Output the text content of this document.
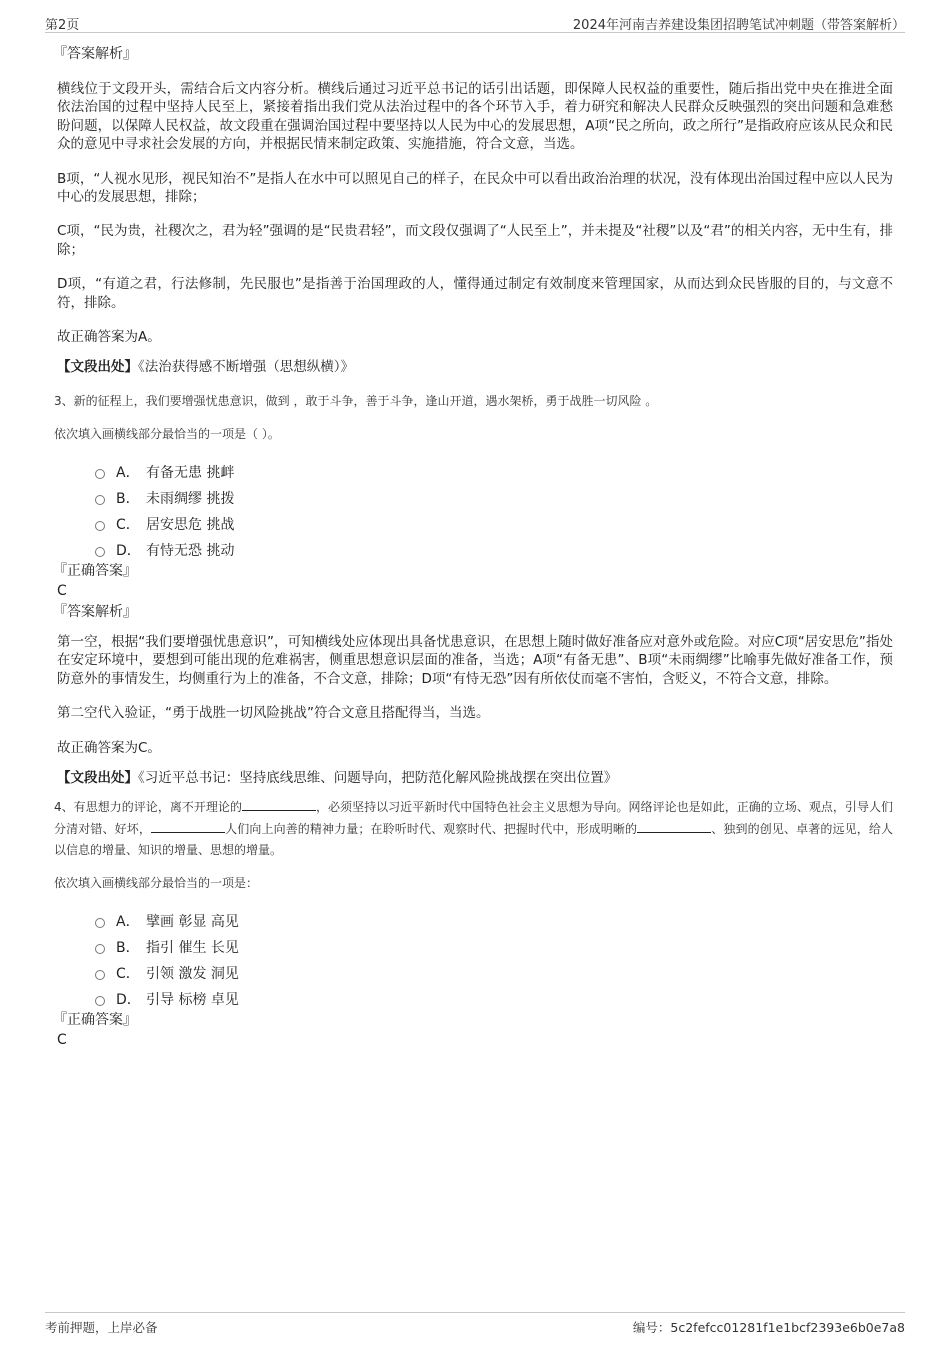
第2页	2024年河南吉养建设集团招聘笔试冲刺题（带答案解析）

『答案解析』

横线位于文段开头，需结合后文内容分析。横线后通过习近平总书记的话引出话题，即保障人民权益的重要性，随后指出党中央在推进全面依法治国的过程中坚持人民至上，紧接着指出我们党从法治过程中的各个环节入手，着力研究和解决人民群众反映强烈的突出问题和急难愁盼问题，以保障人民权益，故文段重在强调治国过程中要坚持以人民为中心的发展思想，A项“民之所向，政之所行”是指政府应该从民众和民众的意见中寻求社会发展的方向，并根据民情来制定政策、实施措施，符合文意，当选。

B项，“人视水见形，视民知治不”是指人在水中可以照见自己的样子，在民众中可以看出政治治理的状况，没有体现出治国过程中应以人民为中心的发展思想，排除；

C项，“民为贵，社稷次之，君为轻”强调的是“民贵君轻”，而文段仅强调了“人民至上”，并未提及“社稷”以及“君”的相关内容，无中生有，排除；

D项，“有道之君，行法修制，先民服也”是指善于治国理政的人，懂得通过制定有效制度来管理国家，从而达到众民皆服的目的，与文意不符，排除。

故正确答案为A。

【文段出处】《法治获得感不断增强（思想纵横）》

3、新的征程上，我们要增强忧患意识，做到 ，敢于斗争，善于斗争，逢山开道，遇水架桥，勇于战胜一切风险 。

依次填入画横线部分最恰当的一项是（ ）。

A． 有备无患 挑衅
B． 未雨绸缪 挑拨
C． 居安思危 挑战
D． 有恃无恐 挑动

『正确答案』

C

『答案解析』

第一空，根据“我们要增强忧患意识”，可知横线处应体现出具备忧患意识，在思想上随时做好准备应对意外或危险。对应C项“居安思危”指处在安定环境中，要想到可能出现的危难祸害，侧重思想意识层面的准备，当选；A项“有备无患”、B项“未雨绸缪”比喻事先做好准备工作，预防意外的事情发生，均侧重行为上的准备，不合文意，排除；D项“有恃无恐”因有所依仗而毫不害怕，含贬义，不符合文意，排除。

第二空代入验证，“勇于战胜一切风险挑战”符合文意且搭配得当，当选。

故正确答案为C。

【文段出处】《习近平总书记：坚持底线思维、问题导向，把防范化解风险挑战摆在突出位置》

4、有思想力的评论，离不开理论的	，必须坚持以习近平新时代中国特色社会主义思想为导向。网络评论也是如此，正确的立场、观点，引导人们分清对错、好坏，	人们向上向善的精神力量；在聆听时代、观察时代、把握时代中，形成明晰的	、独到的创见、卓著的远见，给人以信息的增量、知识的增量、思想的增量。

依次填入画横线部分最恰当的一项是：

A． 擘画 彰显 高见
B． 指引 催生 长见
C． 引领 激发 洞见
D． 引导 标榜 卓见

『正确答案』

C

考前押题，上岸必备	编号：5c2fefcc01281f1e1bcf2393e6b0e7a8
